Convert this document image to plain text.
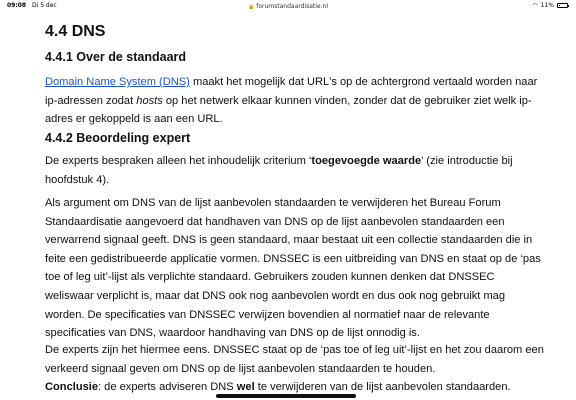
09:08 Di 5 dec	🔒 forumstandaardisatie.nl	◠ 11%
4.4 DNS
4.4.1 Over de standaard

Domain Name System (DNS) maakt het mogelijk dat URL's op de achtergrond vertaald worden naar ip-adressen zodat hosts op het netwerk elkaar kunnen vinden, zonder dat de gebruiker ziet welk ip-adres er gekoppeld is aan een URL.

4.4.2 Beoordeling expert

De experts bespraken alleen het inhoudelijk criterium ‘toegevoegde waarde’ (zie introductie bij hoofdstuk 4).

Als argument om DNS van de lijst aanbevolen standaarden te verwijderen het Bureau Forum Standaardisatie aangevoerd dat handhaven van DNS op de lijst aanbevolen standaarden een verwarrend signaal geeft. DNS is geen standaard, maar bestaat uit een collectie standaarden die in feite een gedistribueerde applicatie vormen. DNSSEC is een uitbreiding van DNS en staat op de ‘pas toe of leg uit’-lijst als verplichte standaard. Gebruikers zouden kunnen denken dat DNSSEC weliswaar verplicht is, maar dat DNS ook nog aanbevolen wordt en dus ook nog gebruikt mag worden. De specificaties van DNSSEC verwijzen bovendien al normatief naar de relevante specificaties van DNS, waardoor handhaving van DNS op de lijst onnodig is.

De experts zijn het hiermee eens. DNSSEC staat op de ‘pas toe of leg uit’-lijst en het zou daarom een verkeerd signaal geven om DNS op de lijst aanbevolen standaarden te houden.

Conclusie: de experts adviseren DNS wel te verwijderen van de lijst aanbevolen standaarden.
